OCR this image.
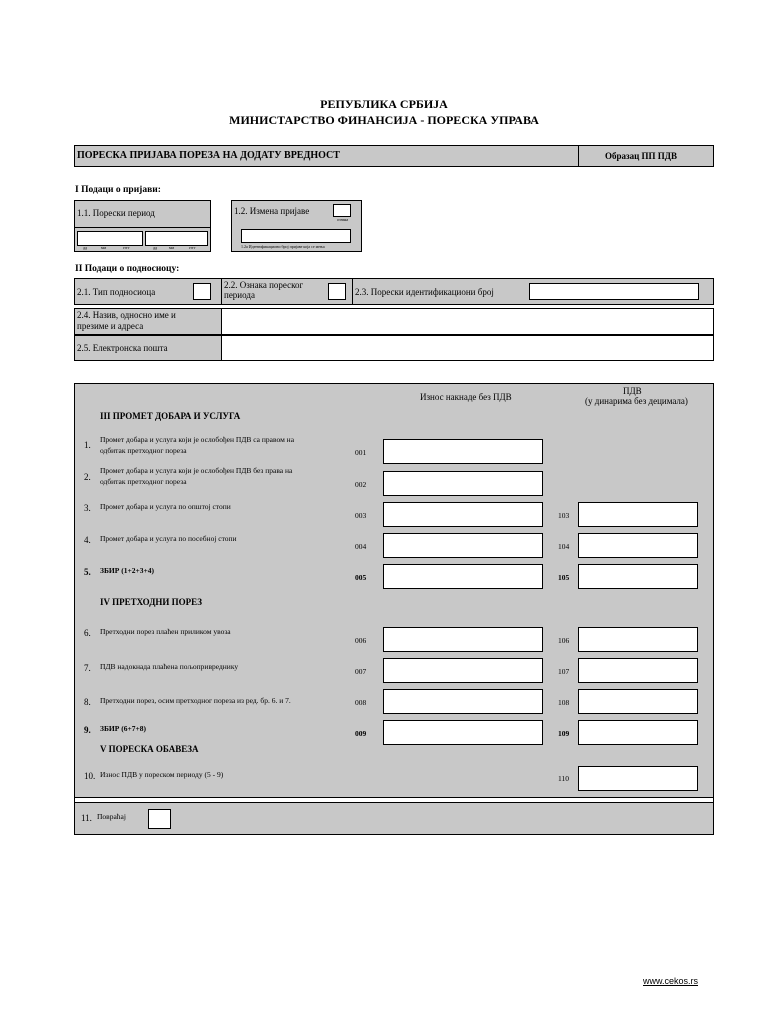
РЕПУБЛИКА СРБИЈА
МИНИСТАРСТВО ФИНАНСИЈА - ПОРЕСКА УПРАВА
ПОРЕСКА ПРИЈАВА ПОРЕЗА НА ДОДАТУ ВРЕДНОСТ	Образац ПП ПДВ
I Подаци о пријави:
1.1. Порески период
дд	мм	гггг	дд	мм	гггг
1.2. Измена пријаве
ознака
1.2а Идентификациони број пријаве која се мења
II Подаци о подносиоцу:
2.1. Тип подносиоца
2.2. Ознака пореског периода	2.3. Порески идентификациони број
2.4. Назив, односно име и презиме и адреса
2.5. Електронска пошта
Износ накнаде без ПДВ
ПДВ
(у динарима без децимала)
III ПРОМЕТ ДОБАРА И УСЛУГА
1.
Промет добара и услуга који је ослобођен ПДВ са правом на
одбитак претходног пореза	001
2.
Промет добара и услуга који је ослобођен ПДВ без права на
одбитак претходног пореза	002
3. Промет добара и услуга по општој стопи
003	103
4. Промет добара и услуга по посебној стопи
004	104
5. ЗБИР (1+2+3+4)
005	105
IV ПРЕТХОДНИ ПОРЕЗ
6. Претходни порез плаћен приликом увоза
006	106
7. ПДВ надокнада плаћена пољопривреднику
007	107
8. Претходни порез, осим претходног пореза из ред. бр. 6. и 7.	008	108
9. ЗБИР (6+7+8)
009	109
V ПОРЕСКА ОБАВЕЗА
10. Износ ПДВ у пореском периоду (5 - 9)	110
11. Повраћај
www.cekos.rs
